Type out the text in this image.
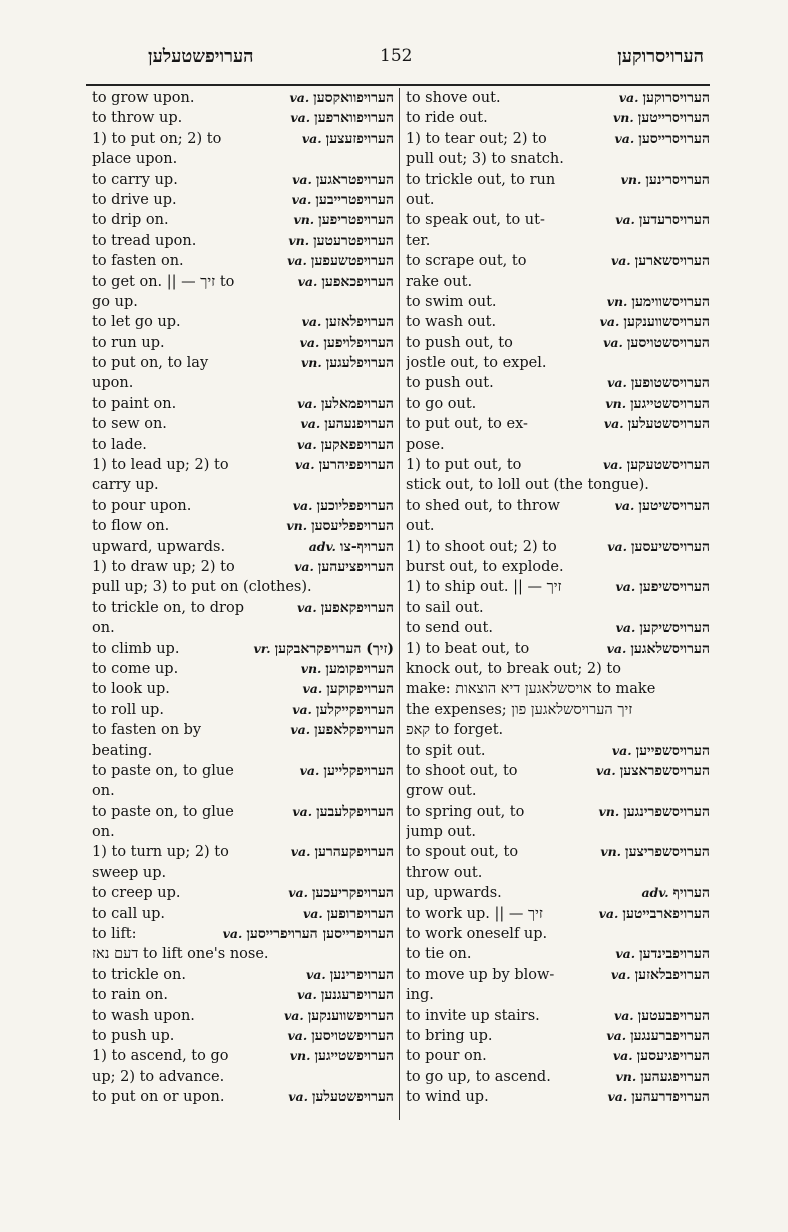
הערויפשטעלען	152	הערויסרוקען
to grow upon.	va. הערויפוואקסען
to throw up.	va. הערויפווארפען
1) to put on; 2) to	va. הערויפזעצען
place upon.
to carry up.	va. הערויפטראגען
to drive up.	va. הערויפטרייבען
to drip on.	vn. הערויפטריפען
to tread upon.	vn. הערויפטרעטען
to fasten on.	va. הערויפטשעפען
to get on. || — זיך to	va. הערויפכאפען
go up.
to let go up.	va. הערויפלאזען
to run up.	va. הערויפלויפען
to put on, to lay	vn. הערויפלעגען
upon.
to paint on.	va. הערויפמאלען
to sew on.	va. הערויפנעהען
to lade.	va. הערויפפאקען
1) to lead up; 2) to	va. הערויפפיהרען
carry up.
to pour upon.	va. הערויפפליוכען
to flow on.	vn. הערויפפליעסען
upward, upwards.	adv. הערויף-צו
1) to draw up; 2) to	va. הערויפציעהען
pull up; 3) to put on (clothes).
to trickle on, to drop	va. הערויפקאפען
on.
to climb up.	vr. (זיך) הערויפקראבקען
to come up.	vn. הערויפקומען
to look up.	va. הערויפקוקען
to roll up.	va. הערויפקייקלען
to fasten on by	va. הערויפקלאפען
beating.
to paste on, to glue	va. הערויפקלייען
on.
to paste on, to glue	va. הערויפקלעבען
on.
1) to turn up; 2) to	va. הערויפקעהרען
sweep up.
to creep up.	va. הערויפקריעכען
to call up.	va. הערויפרופען
to lift:	va. הערויפרייסען הערויפרייסען
דעם נאז to lift one's nose.
to trickle on.	va. הערויפרינען
to rain on.	va. הערויפרעגנען
to wash upon.	va. הערויפשווענקען
to push up.	va. הערויפשטויסען
1) to ascend, to go	vn. הערויפשטייגען
up; 2) to advance.
to put on or upon.	va. הערויפשטעלען
to shove out.	va. הערויסרוקען
to ride out.	vn. הערויסרייטען
1) to tear out; 2) to	va. הערויסרייסען
pull out; 3) to snatch.
to trickle out, to run	vn. הערויסרינען
out.
to speak out, to ut-	va. הערויסרעדען
ter.
to scrape out, to	va. הערויסשארען
rake out.
to swim out.	vn. הערויסשווימען
to wash out.	va. הערויסשווענקען
to push out, to	va. הערויסשטויסען
jostle out, to expel.
to push out.	va. הערויסשטופען
to go out.	vn. הערויסשטייגען
to put out, to ex-	va. הערויסשטעלען
pose.
1) to put out, to	va. הערויסשטעקען
stick out, to loll out (the tongue).
to shed out, to throw	va. הערויסשיטען
out.
1) to shoot out; 2) to	va. הערויסשיעסען
burst out, to explode.
1) to ship out. || — זיך	va. הערויסשיפען
to sail out.
to send out.	va. הערויסשיקען
1) to beat out, to	va. הערויסשלאגען
knock out, to break out; 2) to
make: אויסשלאגען דיא הוצאות to make
the expenses; זיך הערויסשלאגען פון
קאפ to forget.
to spit out.	va. הערויסשפייען
to shoot out, to	va. הערויסשפראצען
grow out.
to spring out, to	vn. הערויסשפרינגען
jump out.
to spout out, to	vn. הערויסשפריצען
throw out.
up, upwards.	adv. הערויף
to work up. || — זיך	va. הערויפארבייטען
to work oneself up.
to tie on.	va. הערויפבינדען
to move up by blow-	va. הערויפבלאזען
ing.
to invite up stairs.	va. הערויפבעטען
to bring up.	va. הערויפברענגען
to pour on.	va. הערויפגיעסען
to go up, to ascend.	vn. הערויפגעהען
to wind up.	va. הערויפדרעהען
